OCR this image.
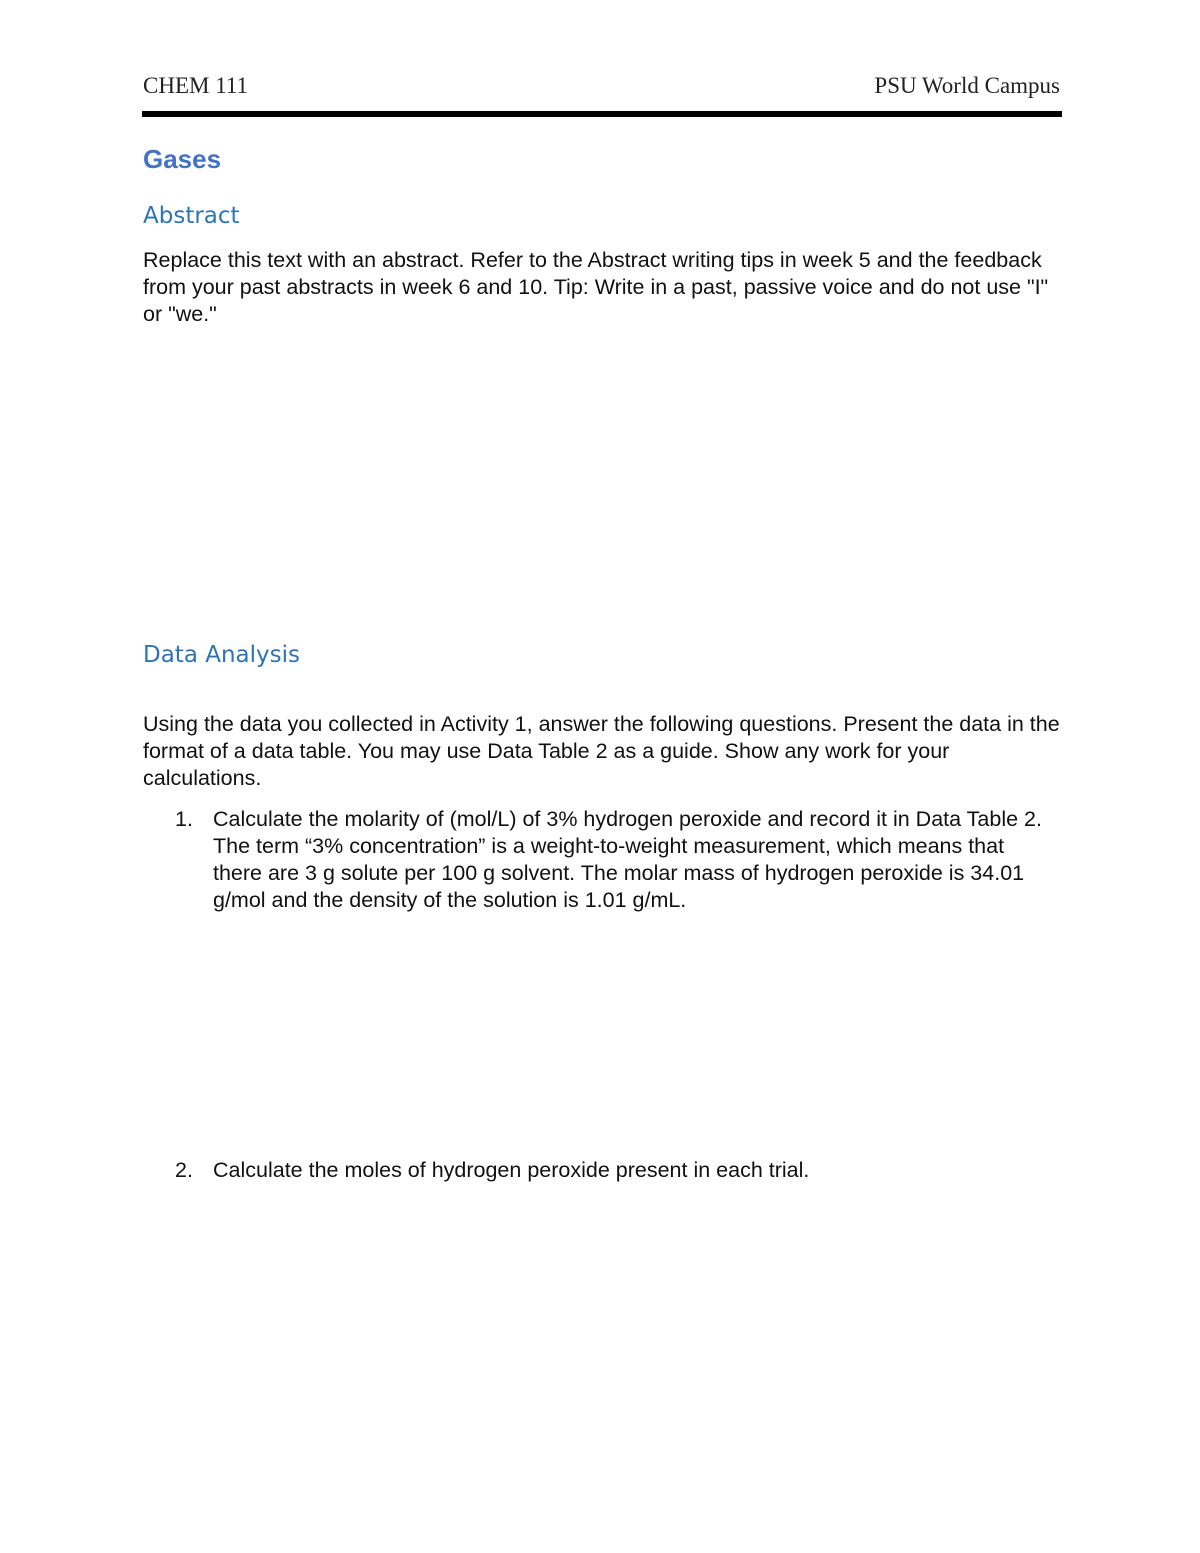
CHEM 111	PSU World Campus
Gases
Abstract
Replace this text with an abstract. Refer to the Abstract writing tips in week 5 and the feedback from your past abstracts in week 6 and 10. Tip: Write in a past, passive voice and do not use "I" or "we."
Data Analysis
Using the data you collected in Activity 1, answer the following questions. Present the data in the format of a data table. You may use Data Table 2 as a guide. Show any work for your calculations.
1. Calculate the molarity of (mol/L) of 3% hydrogen peroxide and record it in Data Table 2. The term “3% concentration” is a weight-to-weight measurement, which means that there are 3 g solute per 100 g solvent. The molar mass of hydrogen peroxide is 34.01 g/mol and the density of the solution is 1.01 g/mL.
2. Calculate the moles of hydrogen peroxide present in each trial.
